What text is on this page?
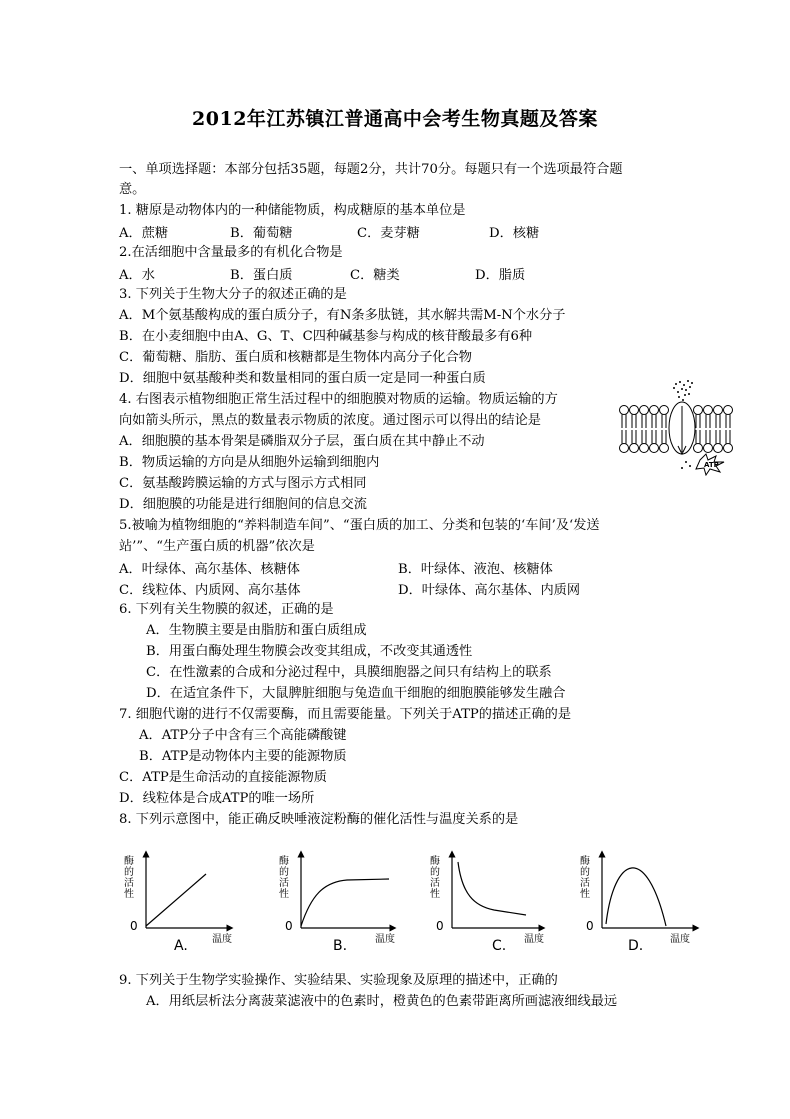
2012年江苏镇江普通高中会考生物真题及答案
一、单项选择题：本部分包括35题，每题2分，共计70分。每题只有一个选项最符合题
意。
1. 糖原是动物体内的一种储能物质，构成糖原的基本单位是
A．蔗糖	B．葡萄糖	C．麦芽糖	D．核糖
2.在活细胞中含量最多的有机化合物是
A．水	B．蛋白质	C．糖类	D．脂质
3. 下列关于生物大分子的叙述正确的是
A．M个氨基酸构成的蛋白质分子，有N条多肽链，其水解共需M-N个水分子
B．在小麦细胞中由A、G、T、C四种碱基参与构成的核苷酸最多有6种
C．葡萄糖、脂肪、蛋白质和核糖都是生物体内高分子化合物
D．细胞中氨基酸种类和数量相同的蛋白质一定是同一种蛋白质
4. 右图表示植物细胞正常生活过程中的细胞膜对物质的运输。物质运输的方
向如箭头所示，黑点的数量表示物质的浓度。通过图示可以得出的结论是
A．细胞膜的基本骨架是磷脂双分子层，蛋白质在其中静止不动
B．物质运输的方向是从细胞外运输到细胞内
C．氨基酸跨膜运输的方式与图示方式相同
D．细胞膜的功能是进行细胞间的信息交流
ATP
5.被喻为植物细胞的“养料制造车间”、“蛋白质的加工、分类和包装的‘车间’及‘发送
站’”、“生产蛋白质的机器”依次是
A．叶绿体、高尔基体、核糖体	B．叶绿体、液泡、核糖体
C．线粒体、内质网、高尔基体	D．叶绿体、高尔基体、内质网
6. 下列有关生物膜的叙述，正确的是
A．生物膜主要是由脂肪和蛋白质组成
B．用蛋白酶处理生物膜会改变其组成，不改变其通透性
C．在性激素的合成和分泌过程中，具膜细胞器之间只有结构上的联系
D．在适宜条件下，大鼠脾脏细胞与兔造血干细胞的细胞膜能够发生融合
7. 细胞代谢的进行不仅需要酶，而且需要能量。下列关于ATP的描述正确的是
A．ATP分子中含有三个高能磷酸键
B．ATP是动物体内主要的能源物质
C．ATP是生命活动的直接能源物质
D．线粒体是合成ATP的唯一场所
8. 下列示意图中，能正确反映唾液淀粉酶的催化活性与温度关系的是
酶
的
活
性
0
温度
A.
酶
的
活
性
0
温度
B.
酶
的
活
性
0
温度
C.
酶
的
活
性
0
温度
D.
9. 下列关于生物学实验操作、实验结果、实验现象及原理的描述中，正确的
A．用纸层析法分离菠菜滤液中的色素时，橙黄色的色素带距离所画滤液细线最远
